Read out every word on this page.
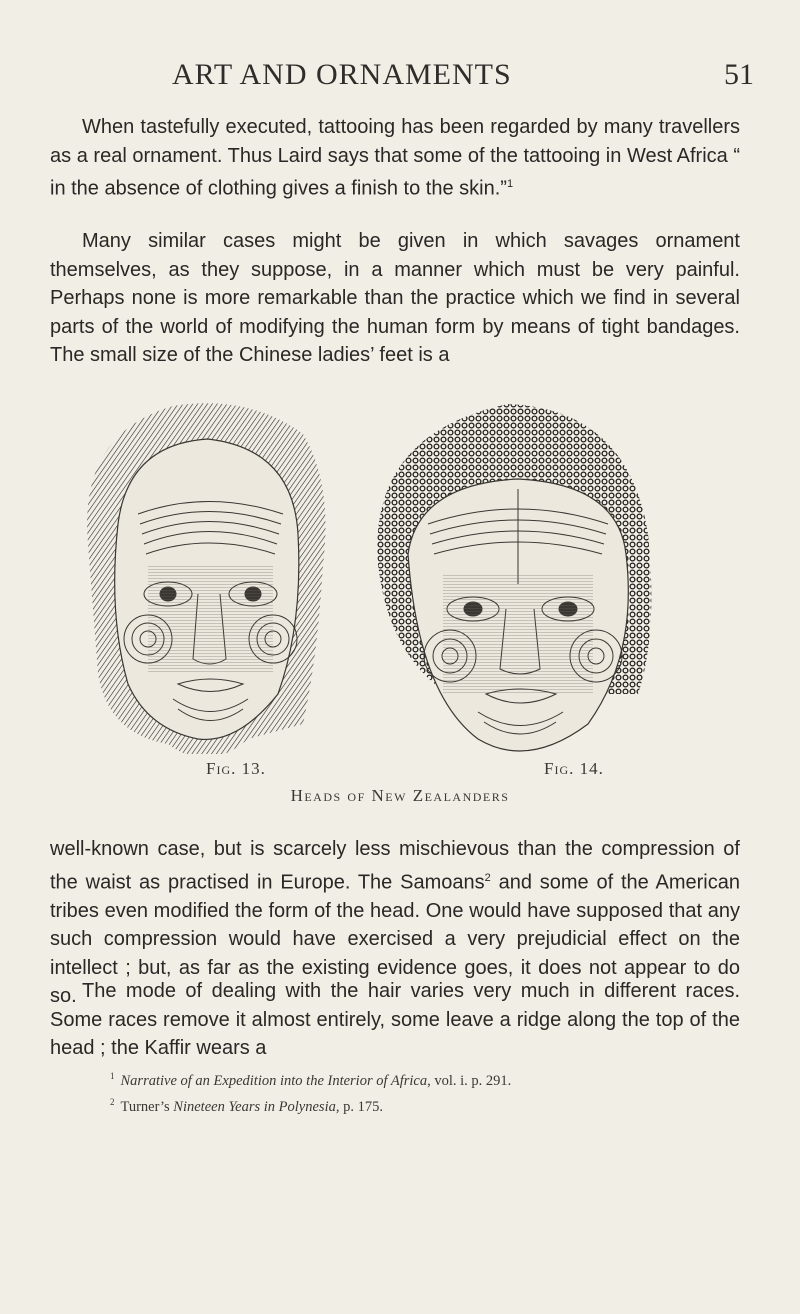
ART AND ORNAMENTS	51

When tastefully executed, tattooing has been regarded by many travellers as a real ornament. Thus Laird says that some of the tattooing in West Africa “ in the absence of clothing gives a finish to the skin.”$^1$

Many similar cases might be given in which savages ornament themselves, as they suppose, in a manner which must be very painful. Perhaps none is more remarkable than the practice which we find in several parts of the world of modifying the human form by means of tight bandages. The small size of the Chinese ladies’ feet is a

Fig. 13.	Fig. 14.
Heads of New Zealanders

well-known case, but is scarcely less mischievous than the compression of the waist as practised in Europe. The Samoans$^2$ and some of the American tribes even modified the form of the head. One would have supposed that any such compression would have exercised a very prejudicial effect on the intellect ; but, as far as the existing evidence goes, it does not appear to do so. The mode of dealing with the hair varies very much in different races. Some races remove it almost entirely, some leave a ridge along the top of the head ; the Kaffir wears a

$^1$ Narrative of an Expedition into the Interior of Africa, vol. i. p. 291.
$^2$ Turner’s Nineteen Years in Polynesia, p. 175.
